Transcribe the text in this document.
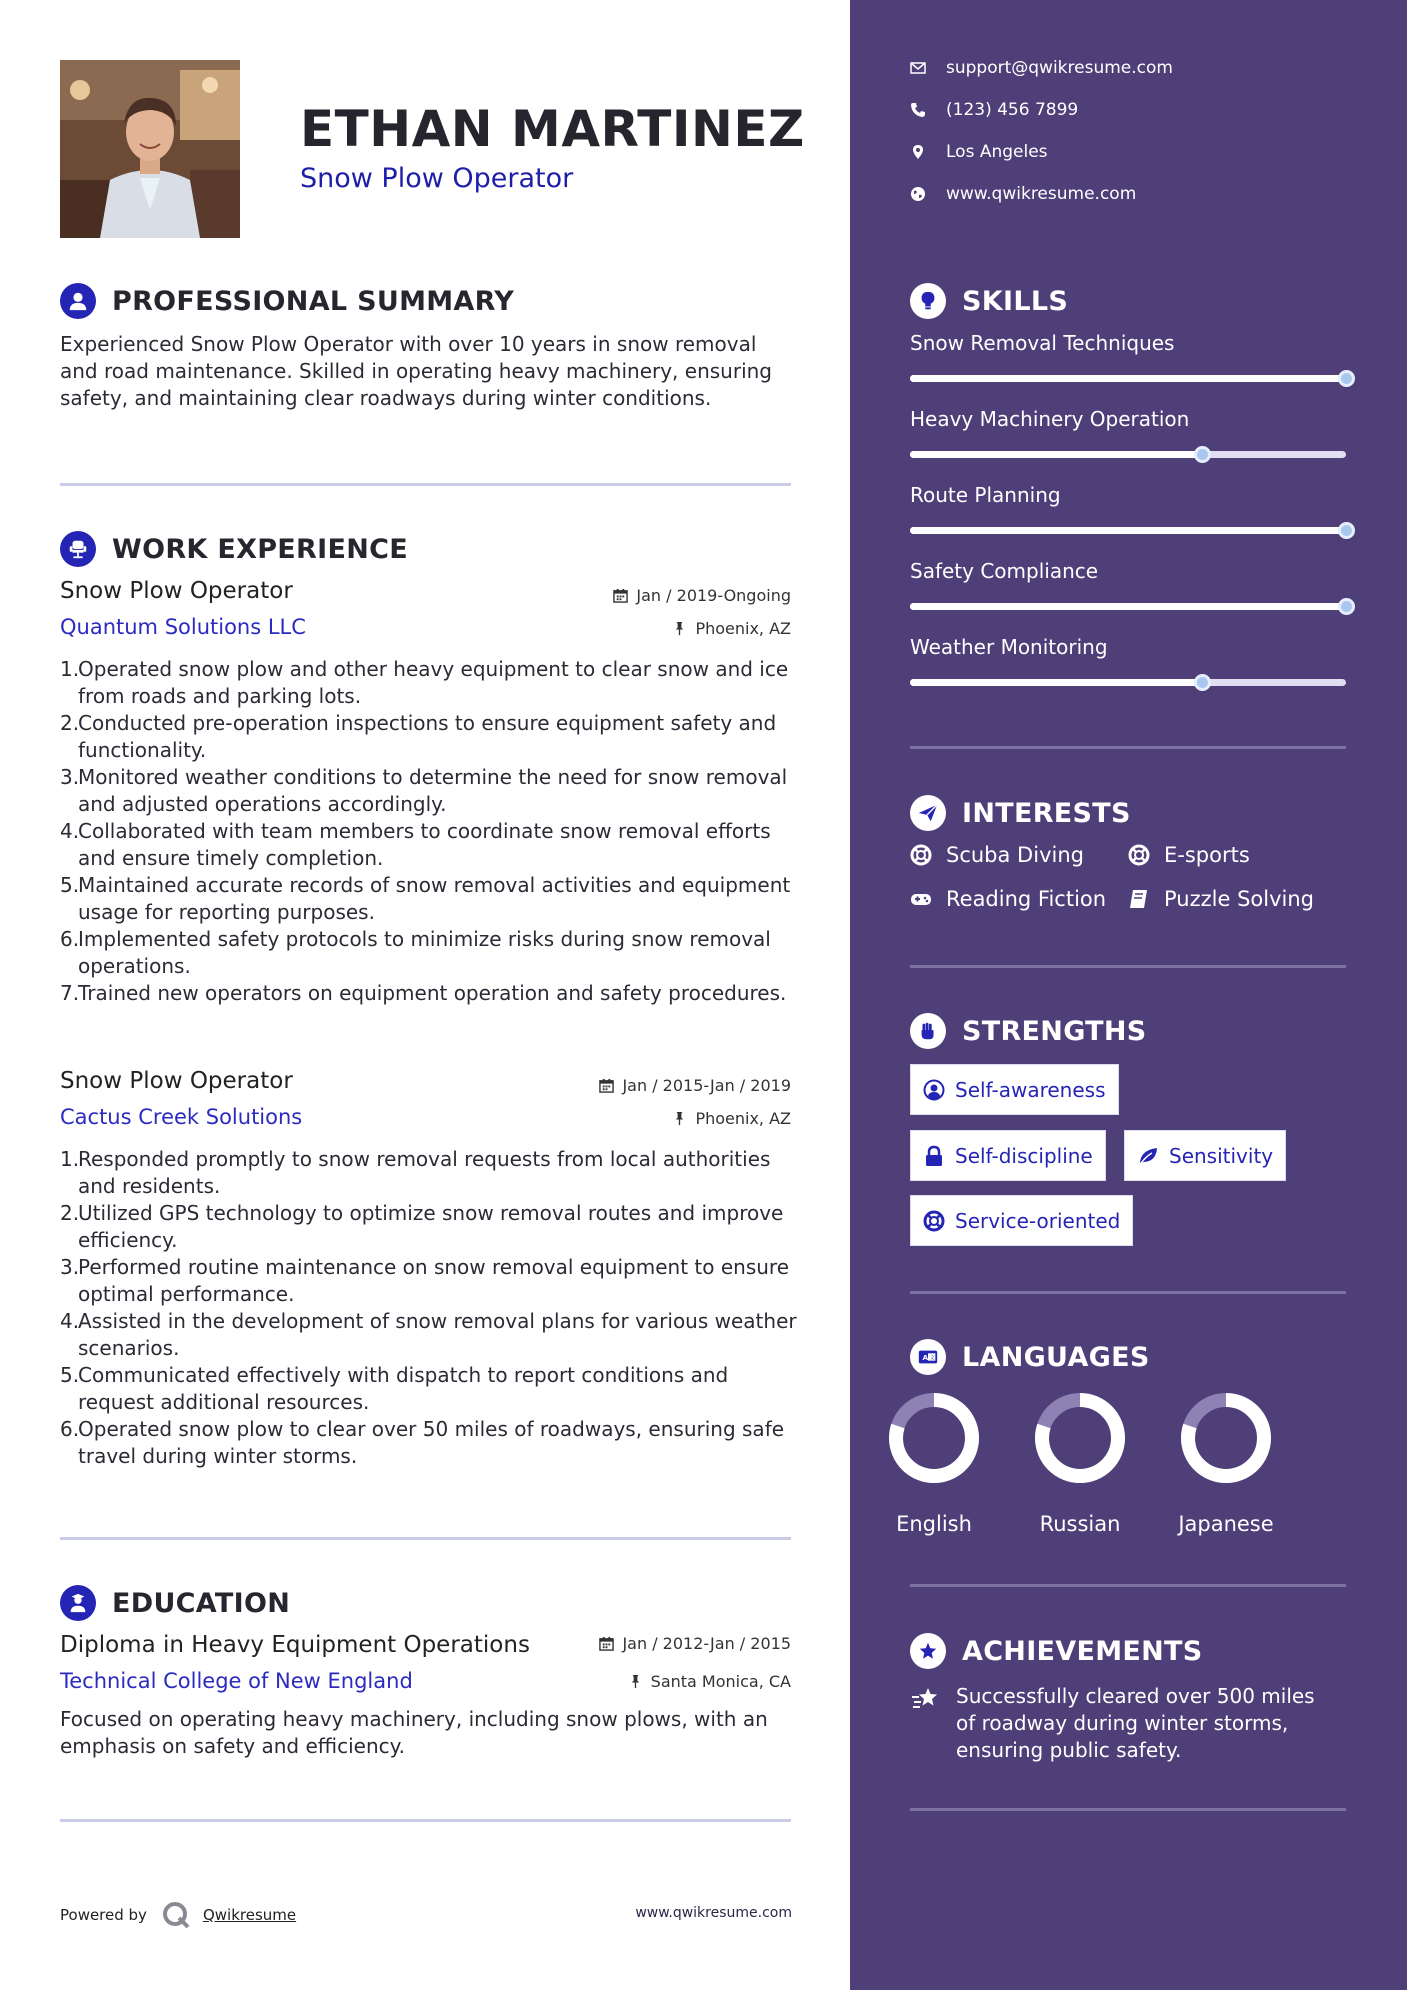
ETHAN MARTINEZ
Snow Plow Operator
PROFESSIONAL SUMMARY
Experienced Snow Plow Operator with over 10 years in snow removal and road maintenance. Skilled in operating heavy machinery, ensuring safety, and maintaining clear roadways during winter conditions.
WORK EXPERIENCE
Snow Plow Operator	Jan / 2019-Ongoing
Quantum Solutions LLC	Phoenix, AZ
1.
Operated snow plow and other heavy equipment to clear snow and ice from roads and parking lots.
2.
Conducted pre-operation inspections to ensure equipment safety and functionality.
3.
Monitored weather conditions to determine the need for snow removal and adjusted operations accordingly.
4.
Collaborated with team members to coordinate snow removal efforts and ensure timely completion.
5.
Maintained accurate records of snow removal activities and equipment usage for reporting purposes.
6.
Implemented safety protocols to minimize risks during snow removal operations.
7.
Trained new operators on equipment operation and safety procedures.
Snow Plow Operator	Jan / 2015-Jan / 2019
Cactus Creek Solutions	Phoenix, AZ
1.
Responded promptly to snow removal requests from local authorities and residents.
2.
Utilized GPS technology to optimize snow removal routes and improve efficiency.
3.
Performed routine maintenance on snow removal equipment to ensure optimal performance.
4.
Assisted in the development of snow removal plans for various weather scenarios.
5.
Communicated effectively with dispatch to report conditions and request additional resources.
6.
Operated snow plow to clear over 50 miles of roadways, ensuring safe travel during winter storms.
EDUCATION
Diploma in Heavy Equipment Operations	Jan / 2012-Jan / 2015
Technical College of New England	Santa Monica, CA
Focused on operating heavy machinery, including snow plows, with an emphasis on safety and efficiency.
Powered by	Qwikresume	www.qwikresume.com
support@qwikresume.com
(123) 456 7899
Los Angeles
www.qwikresume.com
SKILLS
Snow Removal Techniques
Heavy Machinery Operation
Route Planning
Safety Compliance
Weather Monitoring
INTERESTS
Scuba Diving	E-sports
Reading Fiction	Puzzle Solving
STRENGTHS
Self-awareness
Self-discipline	Sensitivity
Service-oriented
A 文 LANGUAGES
English	Russian	Japanese
ACHIEVEMENTS
Successfully cleared over 500 miles of roadway during winter storms, ensuring public safety.
